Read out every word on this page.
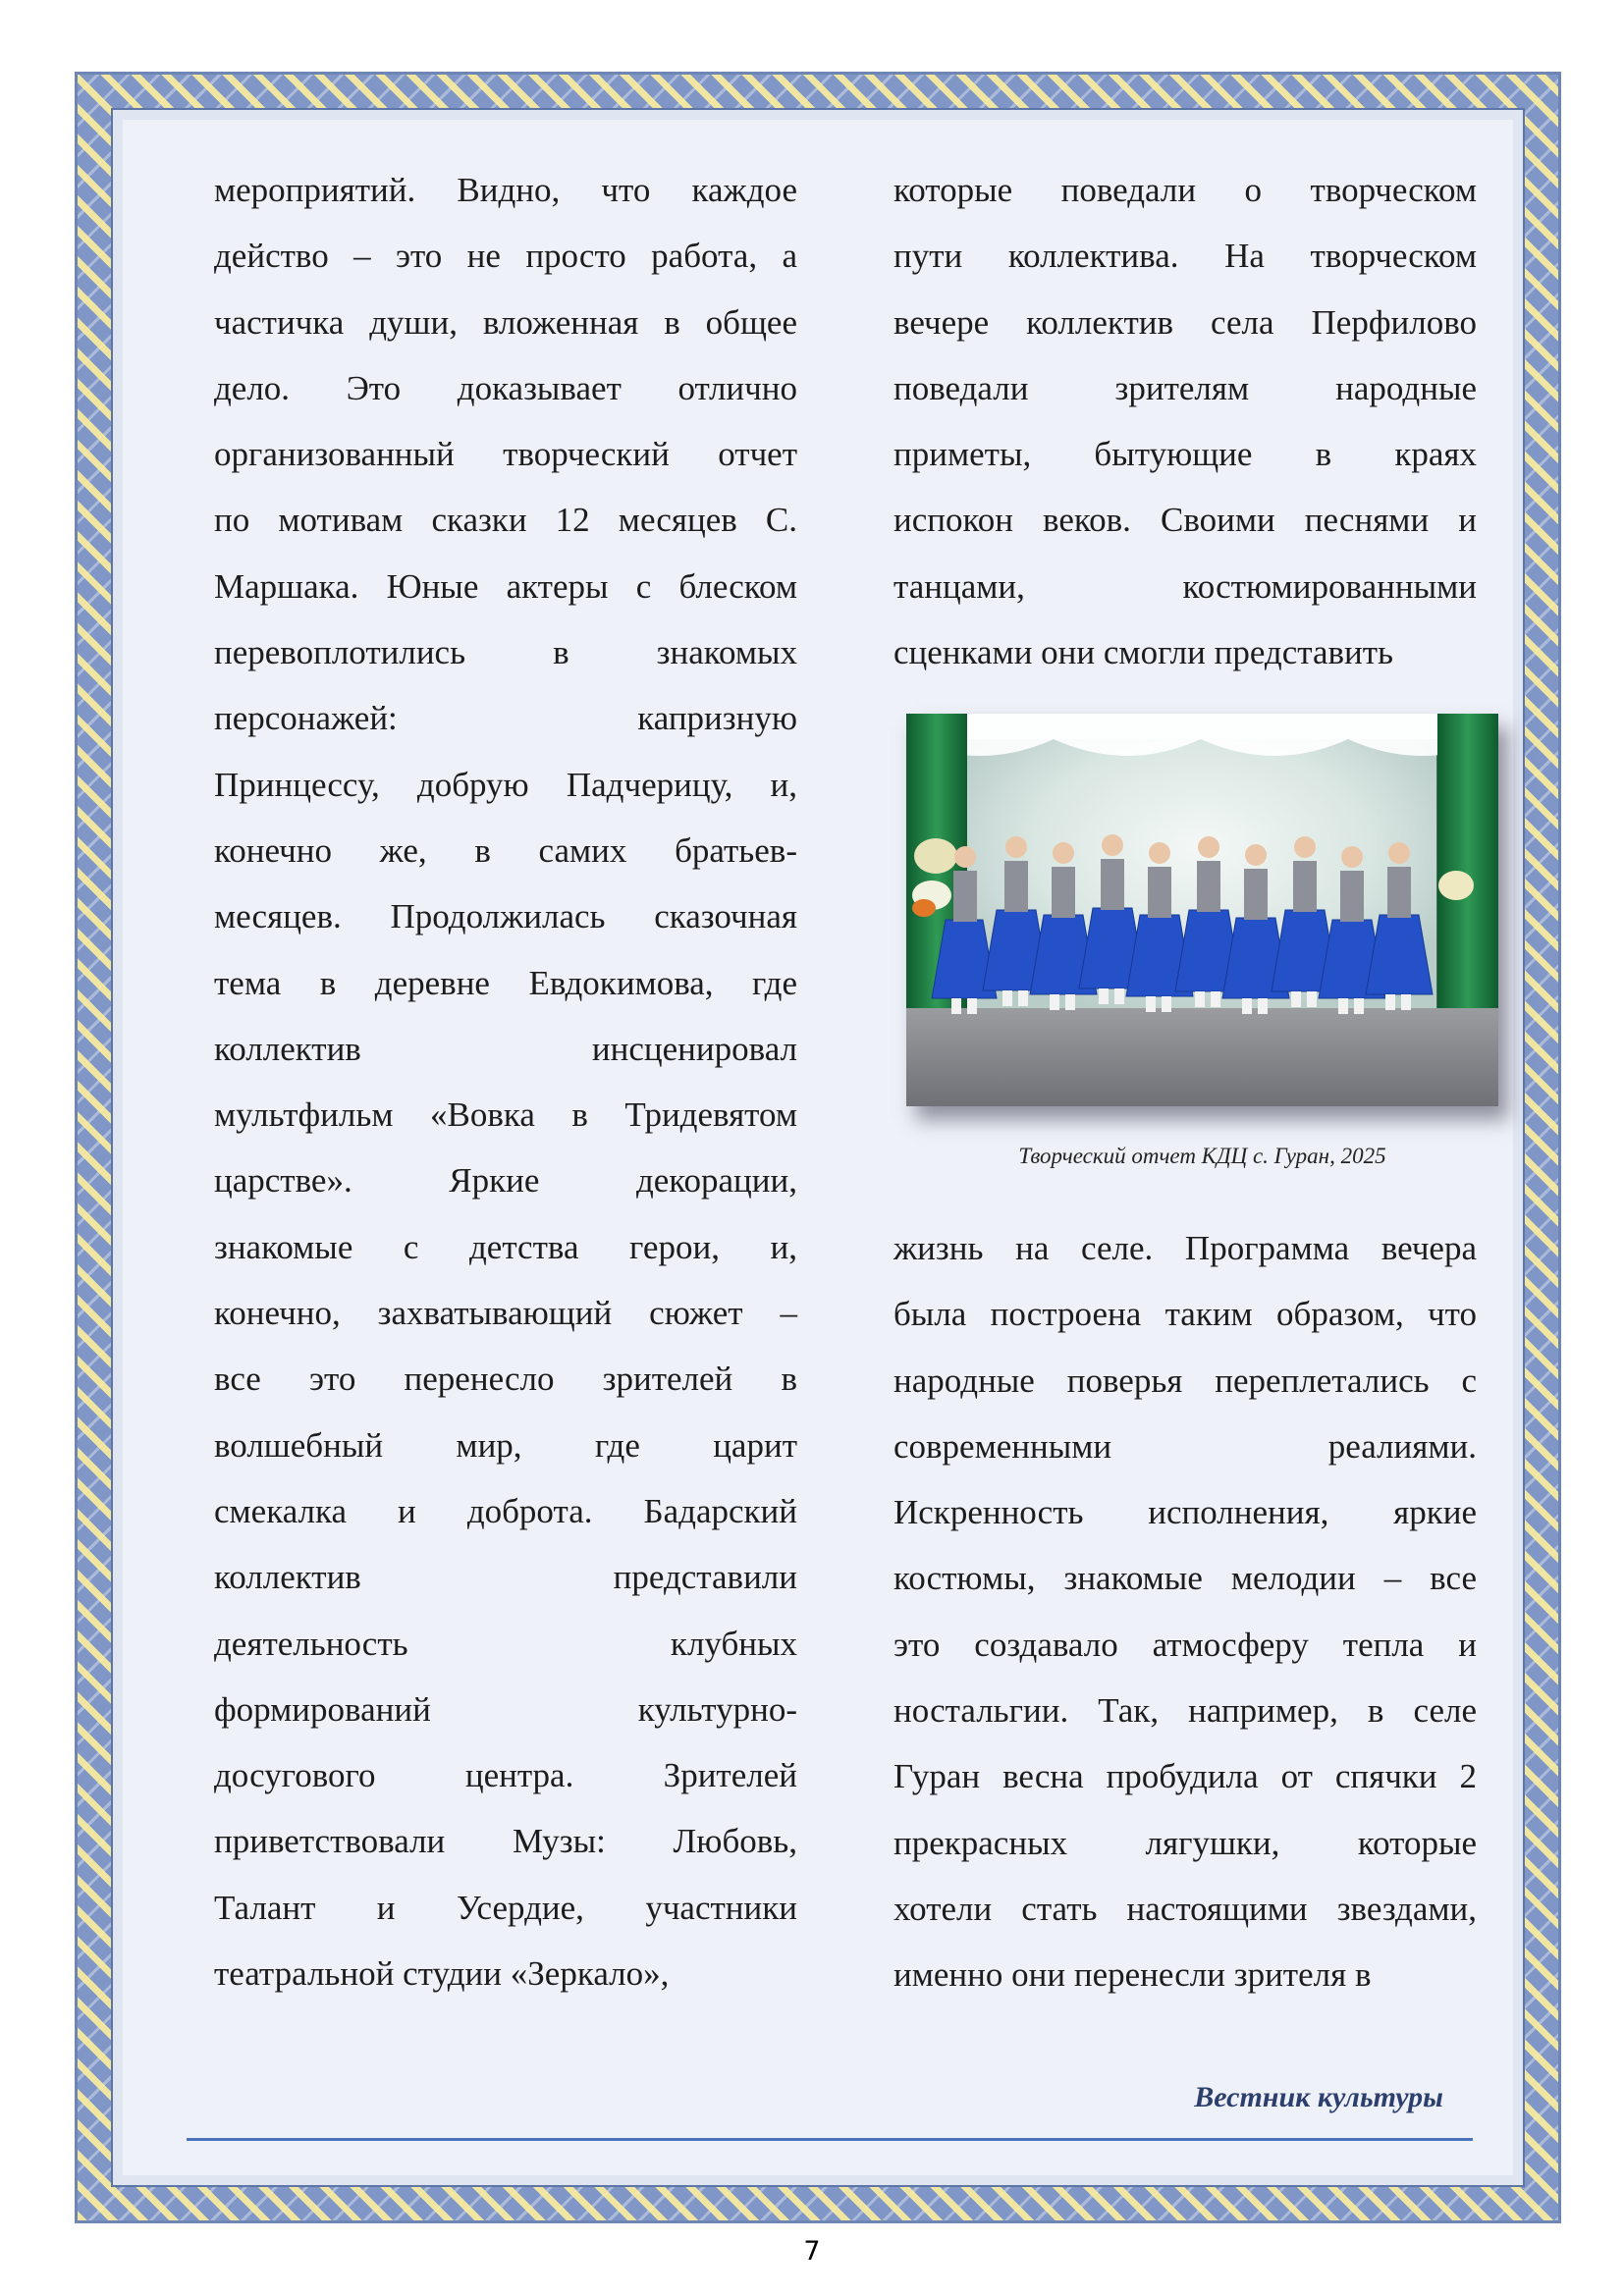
мероприятий. Видно, что каждое
действо – это не просто работа, а
частичка души, вложенная в общее
дело. Это доказывает отлично
организованный творческий отчет
по мотивам сказки 12 месяцев С.
Маршака. Юные актеры с блеском
перевоплотились в знакомых
персонажей: капризную
Принцессу, добрую Падчерицу, и,
конечно же, в самих братьев-
месяцев. Продолжилась сказочная
тема в деревне Евдокимова, где
коллектив инсценировал
мультфильм «Вовка в Тридевятом
царстве». Яркие декорации,
знакомые с детства герои, и,
конечно, захватывающий сюжет –
все это перенесло зрителей в
волшебный мир, где царит
смекалка и доброта. Бадарский
коллектив представили
деятельность клубных
формирований культурно-
досугового центра. Зрителей
приветствовали Музы: Любовь,
Талант и Усердие, участники
театральной студии «Зеркало»,
которые поведали о творческом
пути коллектива. На творческом
вечере коллектив села Перфилово
поведали зрителям народные
приметы, бытующие в краях
испокон веков. Своими песнями и
танцами, костюмированными
сценками они смогли представить
Творческий отчет КДЦ с. Гуран, 2025
жизнь на селе. Программа вечера
была построена таким образом, что
народные поверья переплетались с
современными реалиями.
Искренность исполнения, яркие
костюмы, знакомые мелодии – все
это создавало атмосферу тепла и
ностальгии. Так, например, в селе
Гуран весна пробудила от спячки 2
прекрасных лягушки, которые
хотели стать настоящими звездами,
именно они перенесли зрителя в
Вестник культуры
7
